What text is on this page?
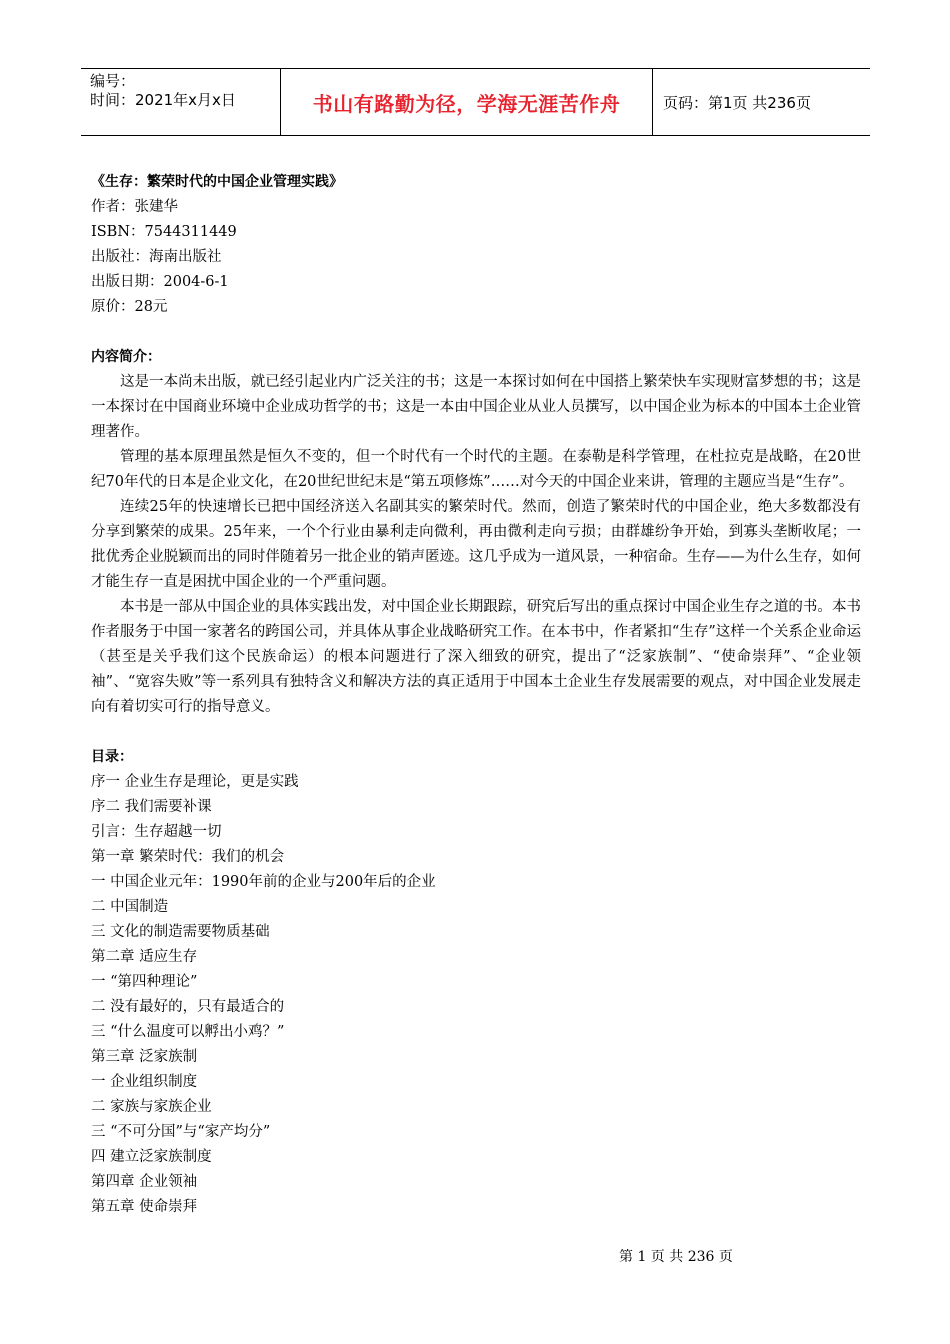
编号：
时间：2021年x月x日	书山有路勤为径，学海无涯苦作舟	页码：第1页 共236页
《生存：繁荣时代的中国企业管理实践》
作者：张建华
ISBN：7544311449
出版社：海南出版社
出版日期：2004-6-1
原价：28元
内容简介：
这是一本尚未出版，就已经引起业内广泛关注的书；这是一本探讨如何在中国搭上繁荣快车实现财富梦想的书；这是一本探讨在中国商业环境中企业成功哲学的书；这是一本由中国企业从业人员撰写，以中国企业为标本的中国本土企业管理著作。
管理的基本原理虽然是恒久不变的，但一个时代有一个时代的主题。在泰勒是科学管理，在杜拉克是战略，在20世纪70年代的日本是企业文化，在20世纪世纪末是“第五项修炼”……对今天的中国企业来讲，管理的主题应当是“生存”。
连续25年的快速增长已把中国经济送入名副其实的繁荣时代。然而，创造了繁荣时代的中国企业，绝大多数都没有分享到繁荣的成果。25年来，一个个行业由暴利走向微利，再由微利走向亏损；由群雄纷争开始，到寡头垄断收尾；一批优秀企业脱颖而出的同时伴随着另一批企业的销声匿迹。这几乎成为一道风景，一种宿命。生存——为什么生存，如何才能生存一直是困扰中国企业的一个严重问题。
本书是一部从中国企业的具体实践出发，对中国企业长期跟踪，研究后写出的重点探讨中国企业生存之道的书。本书作者服务于中国一家著名的跨国公司，并具体从事企业战略研究工作。在本书中，作者紧扣“生存”这样一个关系企业命运（甚至是关乎我们这个民族命运）的根本问题进行了深入细致的研究，提出了“泛家族制”、“使命崇拜”、“企业领袖”、“宽容失败”等一系列具有独特含义和解决方法的真正适用于中国本土企业生存发展需要的观点，对中国企业发展走向有着切实可行的指导意义。
目录：
序一 企业生存是理论，更是实践
序二 我们需要补课
引言：生存超越一切
第一章 繁荣时代：我们的机会
一 中国企业元年：1990年前的企业与200年后的企业
二 中国制造
三 文化的制造需要物质基础
第二章 适应生存
一 “第四种理论”
二 没有最好的，只有最适合的
三 “什么温度可以孵出小鸡？”
第三章 泛家族制
一 企业组织制度
二 家族与家族企业
三 “不可分国”与“家产均分”
四 建立泛家族制度
第四章 企业领袖
第五章 使命崇拜
第 1 页 共 236 页
